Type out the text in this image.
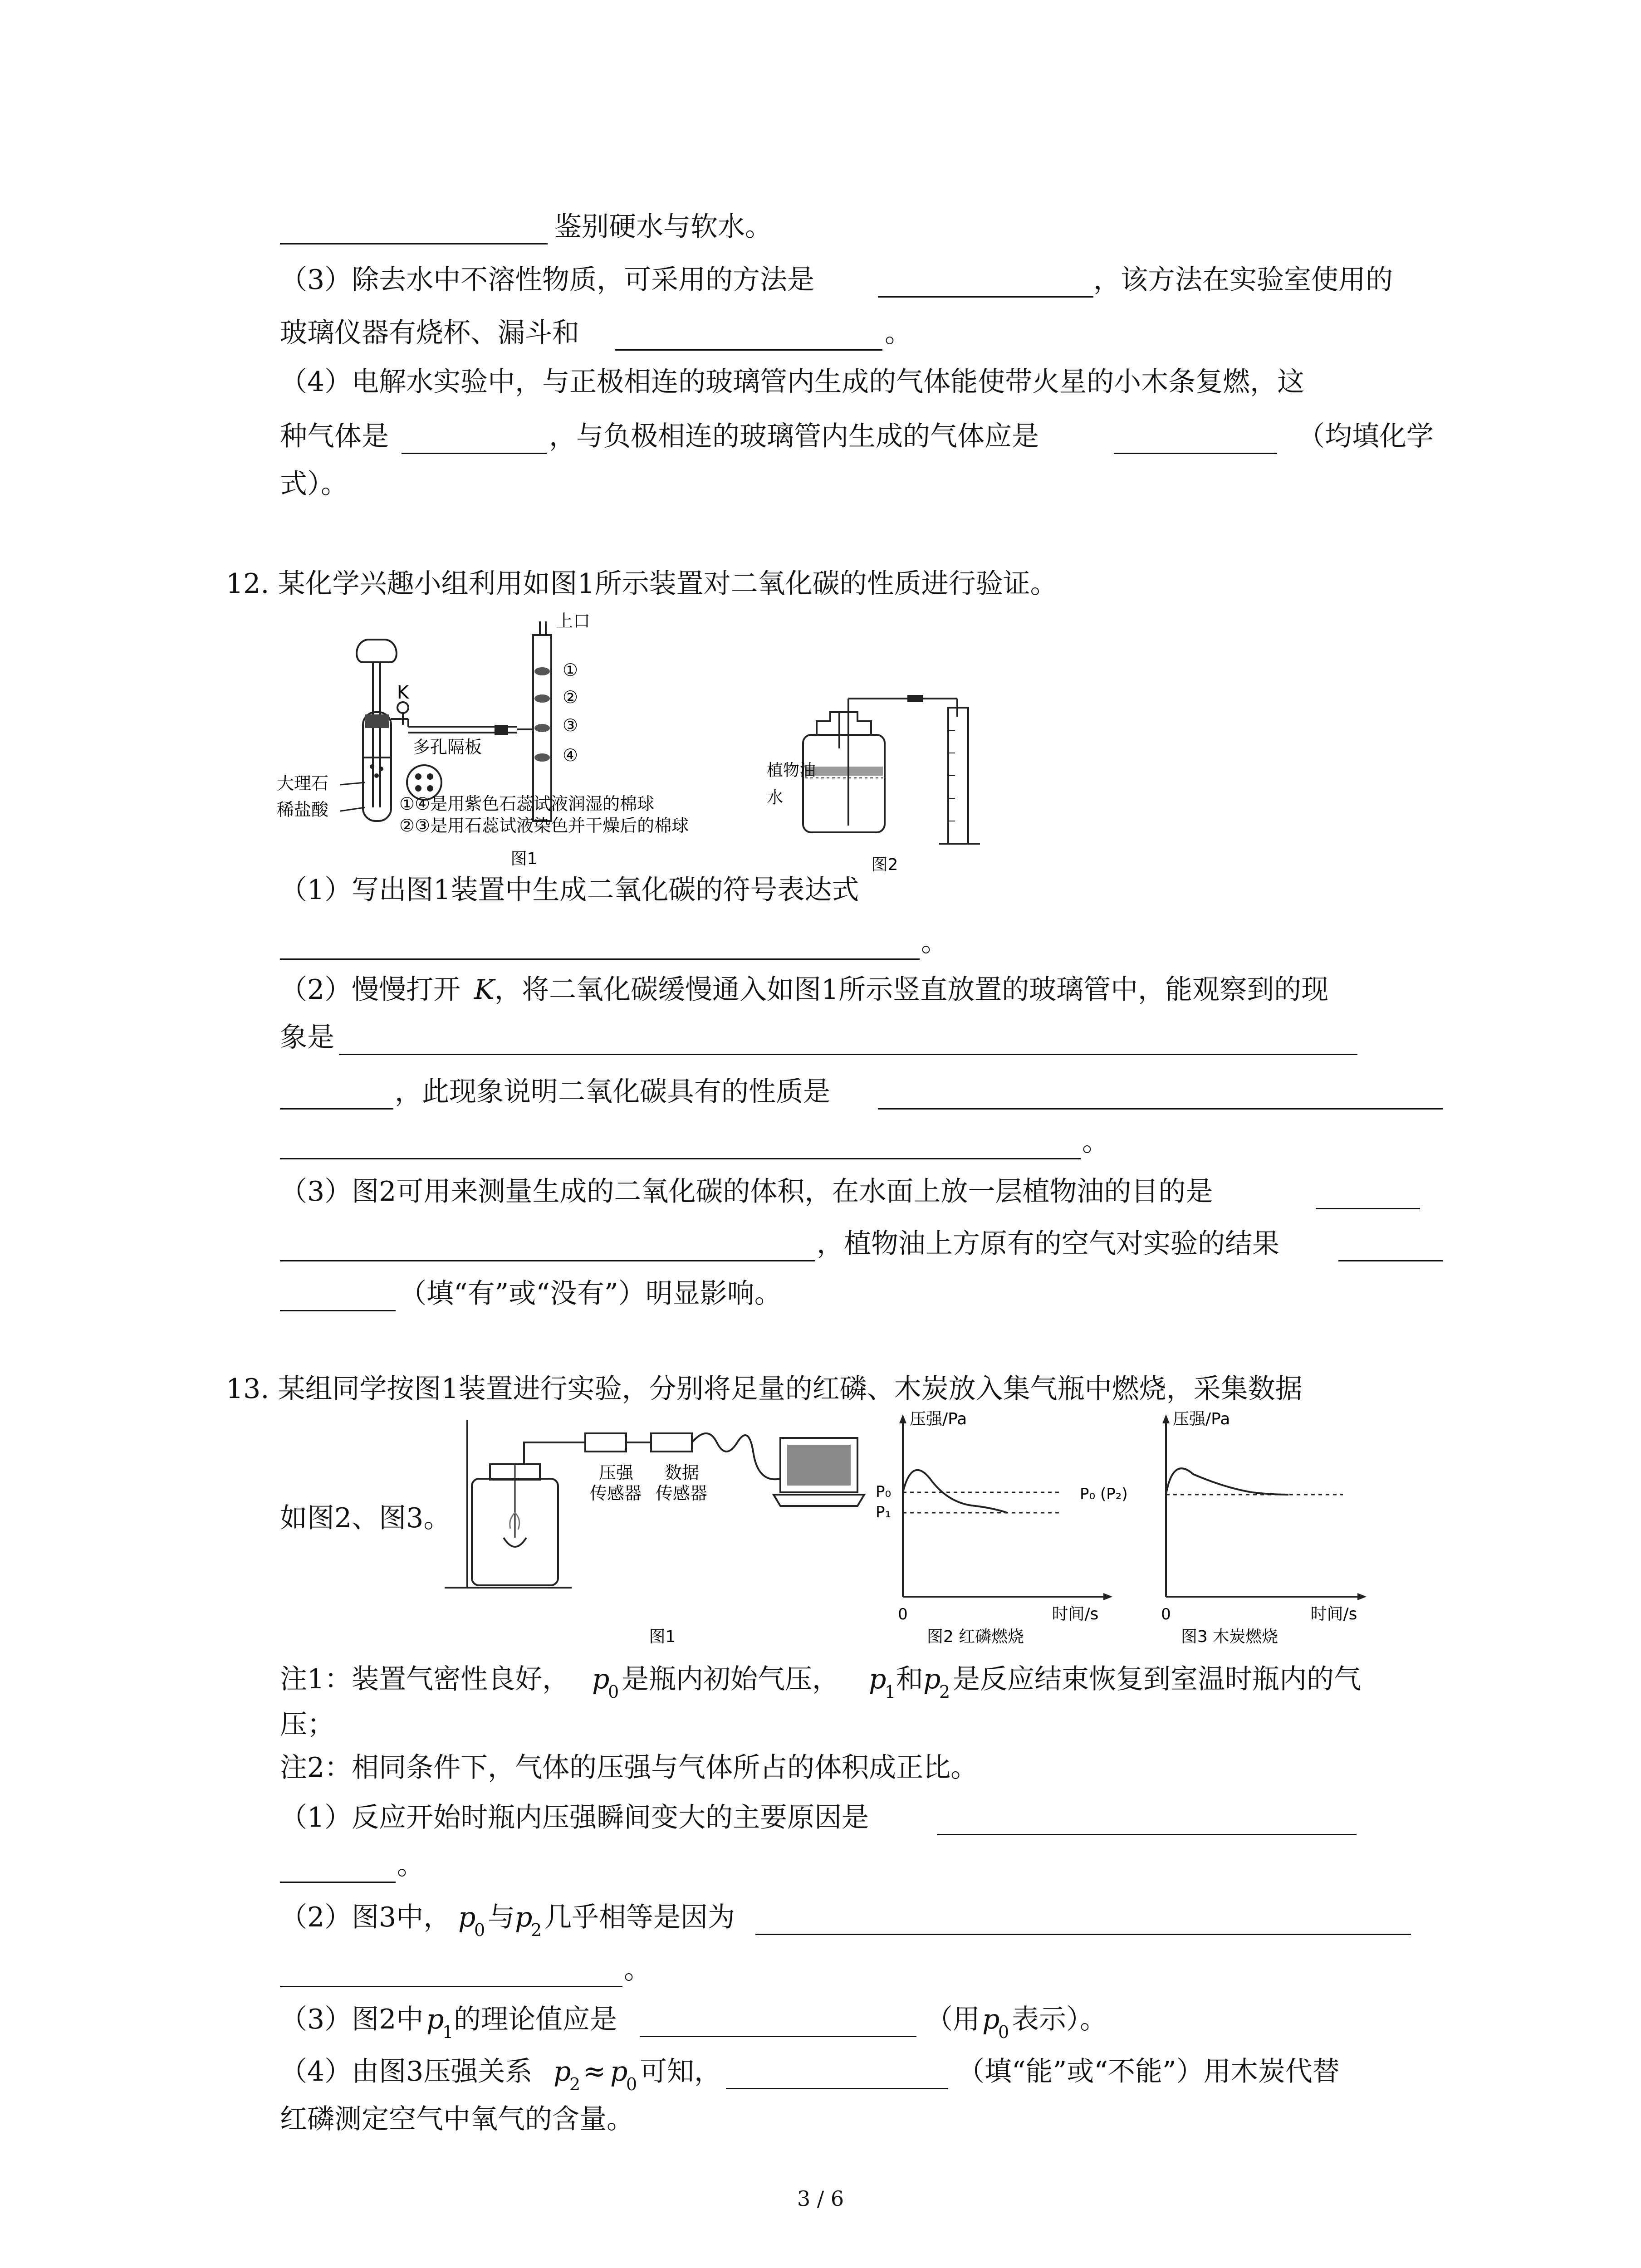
鉴别硬水与软水。
（3）除去水中不溶性物质，可采用的方法是	，该方法在实验室使用的
玻璃仪器有烧杯、漏斗和	。
（4）电解水实验中，与正极相连的玻璃管内生成的气体能使带火星的小木条复燃，这
种气体是	，与负极相连的玻璃管内生成的气体应是	（均填化学
式）。
12. 某化学兴趣小组利用如图1所示装置对二氧化碳的性质进行验证。
K
上口
①
②
③
④
多孔隔板
大理石
稀盐酸	①④是用紫色石蕊试液润湿的棉球
②③是用石蕊试液染色并干燥后的棉球
图1
植物油
水
图2
（1）写出图1装置中生成二氧化碳的符号表达式
。
（2）慢慢打开 K ，将二氧化碳缓慢通入如图1所示竖直放置的玻璃管中，能观察到的现
象是
，此现象说明二氧化碳具有的性质是
。
（3）图2可用来测量生成的二氧化碳的体积，在水面上放一层植物油的目的是
，植物油上方原有的空气对实验的结果
（填“有”或“没有”）明显影响。
13. 某组同学按图1装置进行实验，分别将足量的红磷、木炭放入集气瓶中燃烧，采集数据
压强
传感器
数据
传感器
图1
如图2、图3。
压强/Pa
P₀
P₁
0	时间/s
图2 红磷燃烧
压强/Pa
P₀ (P₂)
0	时间/s
图3 木炭燃烧
注1：装置气密性良好， p
0 是瓶内初始气压， p
1 和 p
2 是反应结束恢复到室温时瓶内的气
压；
注2：相同条件下，气体的压强与气体所占的体积成正比。
（1）反应开始时瓶内压强瞬间变大的主要原因是
。
（2）图3中， p
0 与 p
2 几乎相等是因为
。
（3）图2中 p
1 的理论值应是	（用 p
0 表示）。
（4）由图3压强关系 p
2 ≈ p
0 可知，	（填“能”或“不能”）用木炭代替
红磷测定空气中氧气的含量。
3 / 6
